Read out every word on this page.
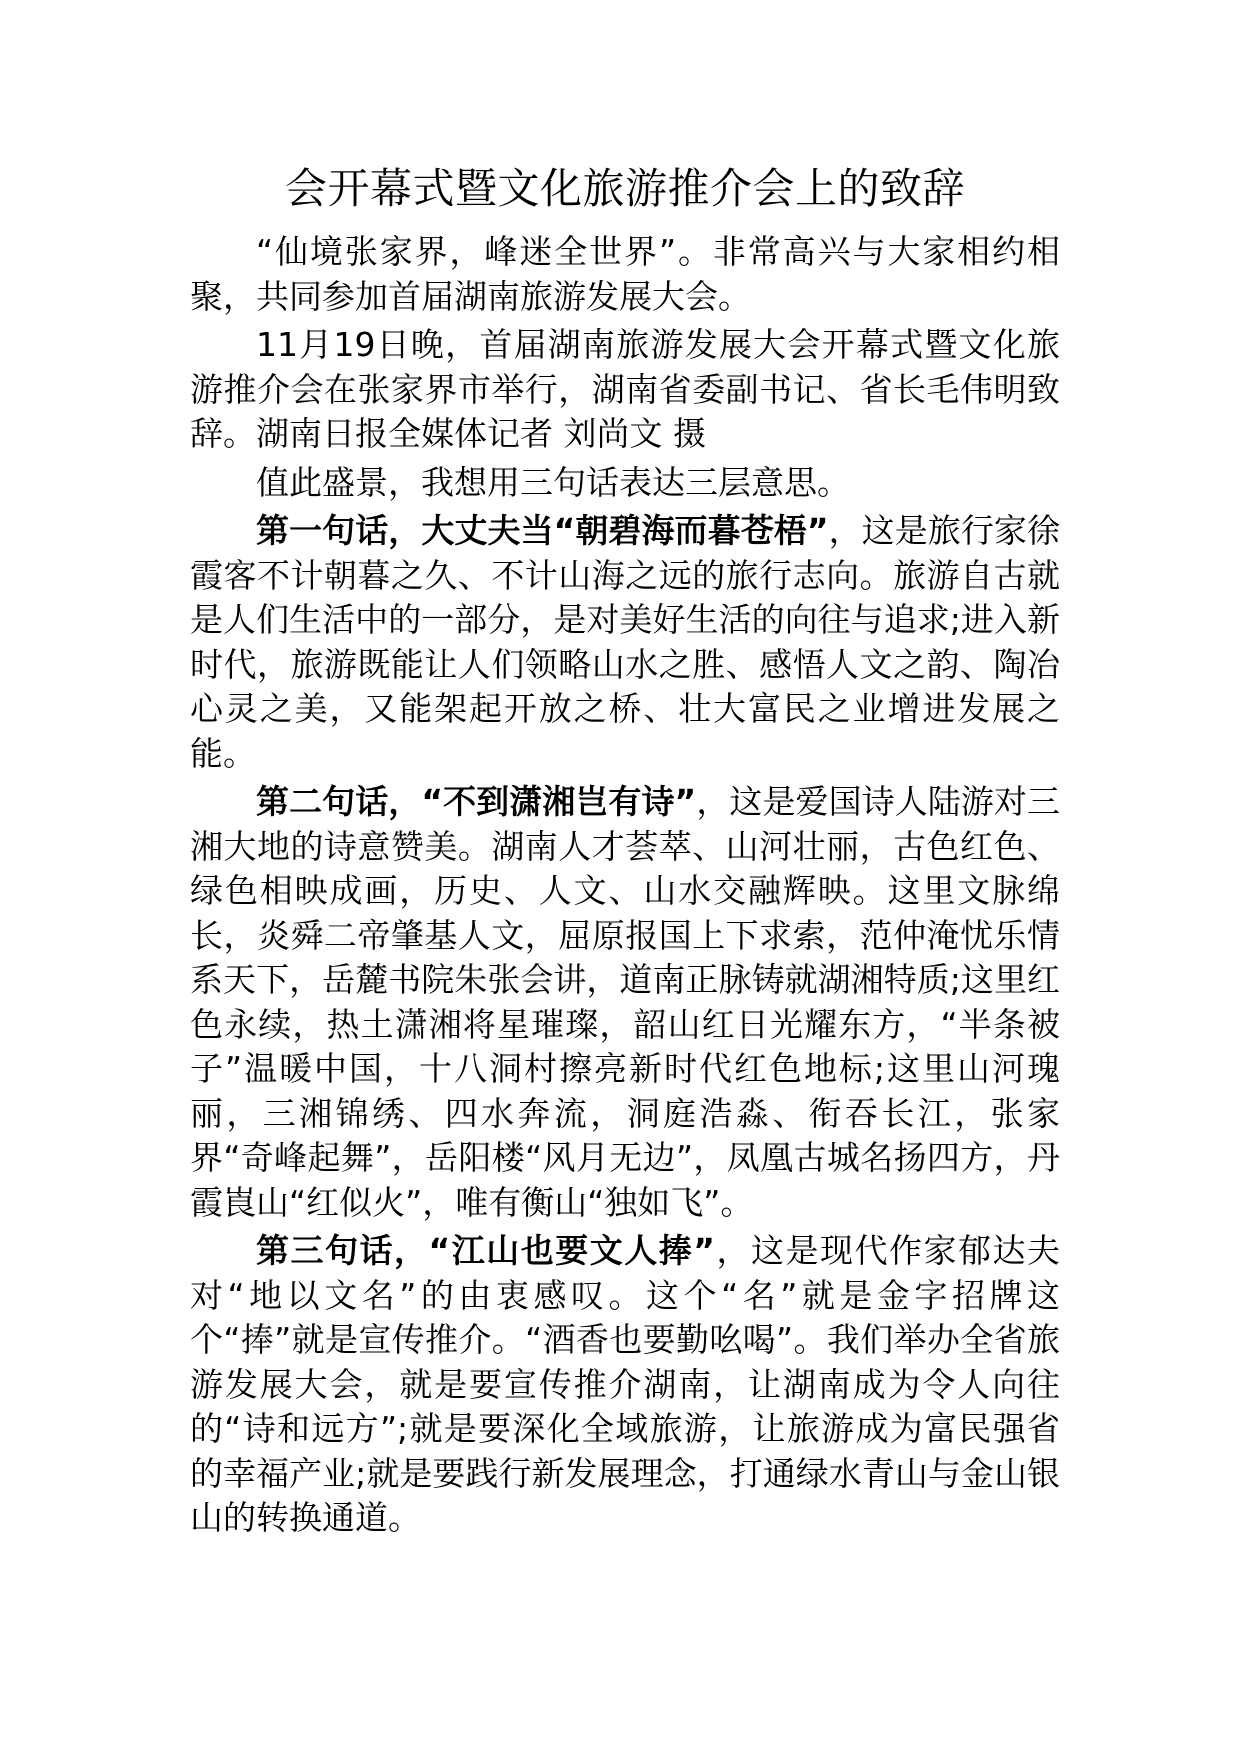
会开幕式暨文化旅游推介会上的致辞

“仙境张家界，峰迷全世界”。非常高兴与大家相约相聚，共同参加首届湖南旅游发展大会。

11月19日晚，首届湖南旅游发展大会开幕式暨文化旅游推介会在张家界市举行，湖南省委副书记、省长毛伟明致辞。湖南日报全媒体记者 刘尚文 摄

值此盛景，我想用三句话表达三层意思。

第一句话，大丈夫当“朝碧海而暮苍梧”，这是旅行家徐霞客不计朝暮之久、不计山海之远的旅行志向。旅游自古就是人们生活中的一部分，是对美好生活的向往与追求;进入新时代，旅游既能让人们领略山水之胜、感悟人文之韵、陶冶心灵之美，又能架起开放之桥、壮大富民之业增进发展之能。

第二句话，“不到潇湘岂有诗”，这是爱国诗人陆游对三湘大地的诗意赞美。湖南人才荟萃、山河壮丽，古色红色、绿色相映成画，历史、人文、山水交融辉映。这里文脉绵长，炎舜二帝肇基人文，屈原报国上下求索，范仲淹忧乐情系天下，岳麓书院朱张会讲，道南正脉铸就湖湘特质;这里红色永续，热土潇湘将星璀璨，韶山红日光耀东方，“半条被子”温暖中国，十八洞村擦亮新时代红色地标;这里山河瑰丽，三湘锦绣、四水奔流，洞庭浩淼、衔吞长江，张家界“奇峰起舞”，岳阳楼“风月无边”，凤凰古城名扬四方，丹霞崀山“红似火”，唯有衡山“独如飞”。

第三句话，“江山也要文人捧”，这是现代作家郁达夫对“地以文名”的由衷感叹。这个“名”就是金字招牌这个“捧”就是宣传推介。“酒香也要勤吆喝”。我们举办全省旅游发展大会，就是要宣传推介湖南，让湖南成为令人向往的“诗和远方”;就是要深化全域旅游，让旅游成为富民强省的幸福产业;就是要践行新发展理念，打通绿水青山与金山银山的转换通道。
